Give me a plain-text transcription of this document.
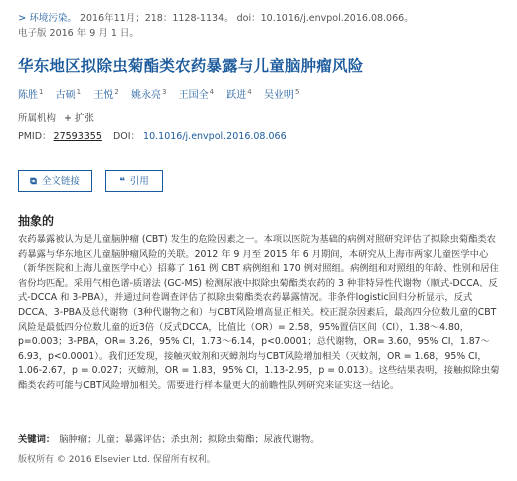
> 环境污染。 2016年11月；218：1128-1134。 doi：10.1016/j.envpol.2016.08.066。
电子版 2016 年 9 月 1 日。
华东地区拟除虫菊酯类农药暴露与儿童脑肿瘤风险
陈胜$^1$ 古硕$^1$ 王悦$^2$ 姚永亮$^3$ 王国全$^4$ 跃进$^4$ 吴业明$^5$
所属机构 + 扩张
PMID： 27593355 DOI： 10.1016/j.envpol.2016.08.066
⧉ 全文链接	❝ 引用
抽象的

农药暴露被认为是儿童脑肿瘤 (CBT) 发生的危险因素之一。本项以医院为基础的病例对照研究评估了拟除虫菊酯类农药暴露与华东地区儿童脑肿瘤风险的关联。2012 年 9 月至 2015 年 6 月期间，本研究从上海市两家儿童医学中心（新华医院和上海儿童医学中心）招募了 161 例 CBT 病例组和 170 例对照组。病例组和对照组的年龄、性别和居住省份均匹配。采用气相色谱-质谱法 (GC-MS) 检测尿液中拟除虫菊酯类农药的 3 种非特异性代谢物（顺式-DCCA、反式-DCCA 和 3-PBA），并通过问卷调查评估了拟除虫菊酯类农药暴露情况。非条件logistic回归分析显示，反式DCCA、3-PBA及总代谢物（3种代谢物之和）与CBT风险增高显正相关。校正混杂因素后，最高四分位数儿童的CBT风险是最低四分位数儿童的近3倍（反式DCCA，比值比（OR）= 2.58，95%置信区间（CI），1.38～4.80，p=0.003；3-PBA，OR= 3.26，95% CI，1.73～6.14，p<0.0001；总代谢物，OR= 3.60，95% CI，1.87～6.93，p<0.0001）。我们还发现，接触灭蚊剂和灭蟑剂均与CBT风险增加相关（灭蚊剂，OR = 1.68，95% CI，1.06-2.67，p = 0.027；灭蟑剂，OR = 1.83，95% CI，1.13-2.95，p = 0.013）。这些结果表明，接触拟除虫菊酯类农药可能与CBT风险增加相关。需要进行样本量更大的前瞻性队列研究来证实这一结论。

关键词： 脑肿瘤；儿童；暴露评估；杀虫剂；拟除虫菊酯；尿液代谢物。
版权所有 © 2016 Elsevier Ltd. 保留所有权利。
